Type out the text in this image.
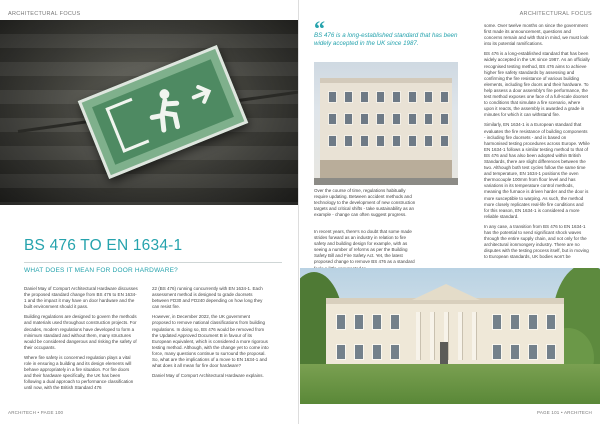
ARCHITECTURAL FOCUS
BS 476 TO EN 1634-1
WHAT DOES IT MEAN FOR DOOR HARDWARE?

Daniel May of Comport Architectural Hardware discusses the proposed standard change from BS 476 to EN 1634-1 and the impact it may have on door hardware and the built environment should it pass.

Building regulations are designed to govern the methods and materials used throughout construction projects. For decades, modern regulations have developed to form a minimum standard and without them, many structures would be considered dangerous and risking the safety of their occupants.

Where fire safety is concerned regulation plays a vital role in ensuring a building and its design elements will behave appropriately in a fire situation. For fire doors and their hardware specifically, the UK has been following a dual approach to performance classification until now, with the British Standard 476

22 (BS 476) running concurrently with EN 1634-1. Each assessment method is designed to grade doorsets between FD30 and FD240 depending on how long they can resist fire.

However, in December 2022, the UK government proposed to remove national classifications from building regulations. In doing so, BS 476 would be removed from the Updated Approved Document B in favour of its European equivalent, which is considered a more rigorous testing method. Although, with the change yet to come into force, many questions continue to surround the proposal. So, what are the implications of a move to EN 1634-1 and what does it all mean for fire door hardware?

Daniel May of Comport Architectural Hardware explains.

ARCHITECH • PAGE 100
ARCHITECTURAL FOCUS
“
BS 476 is a long-established standard that has been widely accepted in the UK since 1987.

Over the course of time, regulations habitually require updating. Between accident methods and technology to the development of new construction targets and critical shifts - take sustainability as an example - change can often suggest progress.

In recent years, there's no doubt that some made strides forward as an industry in relation to fire safety and building design for example, with as seeing a number of reforms as per the Building Safety Bill and Fire Safety Act. Yet, the latest proposed change to remove BS 476 as a standard

some. Over twelve months on since the government first made its announcement, questions and concerns remain and with that in mind, we must look into its potential ramifications.

BS 476 is a long-established standard that has been widely accepted in the UK since 1987. As an officially recognised testing method, BS 476 aims to achieve higher fire safety standards by assessing and confirming the fire resistance of various building elements, including fire doors and their hardware. To help assess a door assembly's fire performance, the test method exposes one face of a full-scale doorset to conditions that simulate a fire scenario, where upon it reacts, the assembly is awarded a grade in minutes for which it can withstand fire.

Similarly, EN 1634-1 is a European standard that evaluates the fire resistance of building components - including fire doorsets - and is based on harmonised testing procedures across Europe. While EN 1634-1 follows a similar testing method to that of BS 476 and has also been adopted within British Standards, there are slight differences between the two. Although both test cycles follow the same time and temperature, EN 1634-1 positions the oven thermocouple 100mm from floor level and has variations in its temperature control methods, meaning the furnace is driven harder and the door is more susceptible to warping. As such, the method more closely replicates real-life fire conditions and for this reason, EN 1634-1 is considered a more reliable standard.

In any case, a transition from BS 476 to EN 1634-1 has the potential to send significant shock waves through the entire supply chain, and not only for the architectural ironmongery industry. There are no disputes with the testing process itself, but in moving to European standards, UK bodies won't be

PAGE 101 • ARCHITECH
